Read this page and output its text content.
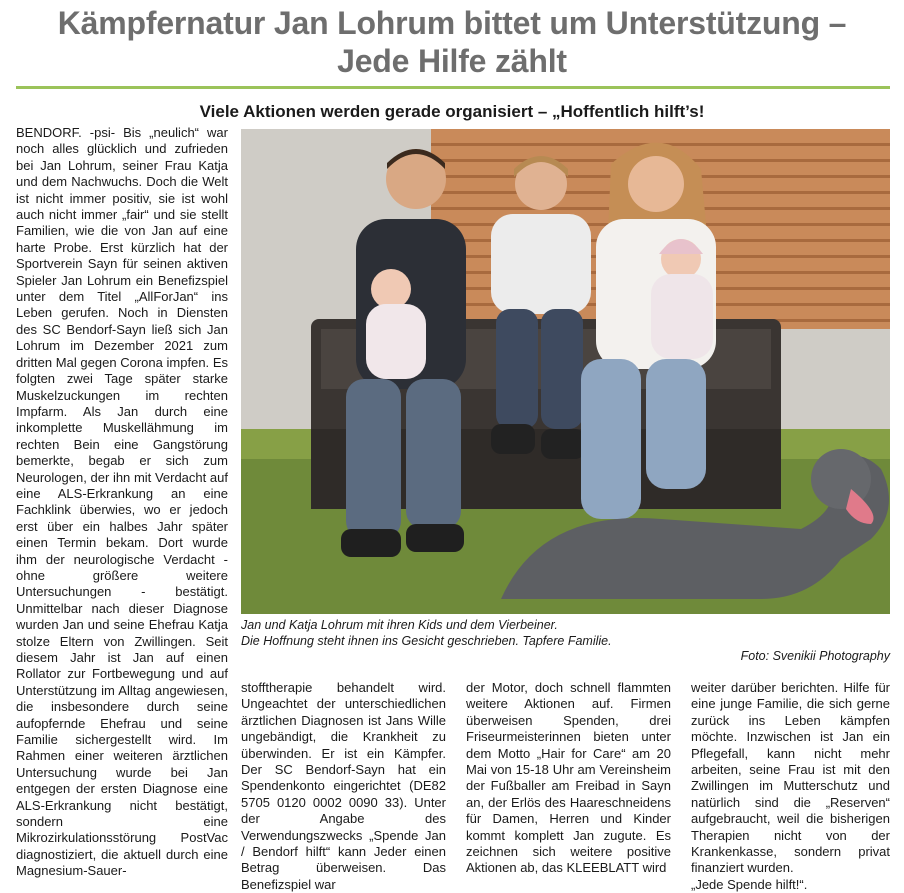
Kämpfernatur Jan Lohrum bittet um Unterstützung –
Jede Hilfe zählt
Viele Aktionen werden gerade organisiert – „Hoffentlich hilft’s!

BENDORF. -psi- Bis „neulich“ war noch alles glücklich und zufrieden bei Jan Lohrum, seiner Frau Katja und dem Nachwuchs. Doch die Welt ist nicht immer positiv, sie ist wohl auch nicht immer „fair“ und sie stellt Familien, wie die von Jan auf eine harte Probe. Erst kürzlich hat der Sportverein Sayn für seinen aktiven Spieler Jan Lohrum ein Benefizspiel unter dem Titel „AllForJan“ ins Leben gerufen. Noch in Diensten des SC Bendorf-Sayn ließ sich Jan Lohrum im Dezember 2021 zum dritten Mal gegen Corona impfen. Es folgten zwei Tage später starke Muskelzuckungen im rechten Impfarm. Als Jan durch eine inkomplette Muskellähmung im rechten Bein eine Gangstörung bemerkte, begab er sich zum Neurologen, der ihn mit Verdacht auf eine ALS-Erkrankung an eine Fachklink überwies, wo er jedoch erst über ein halbes Jahr später einen Termin bekam. Dort wurde ihm der neurologische Verdacht - ohne größere weitere Untersuchungen - bestätigt. Unmittelbar nach dieser Diagnose wurden Jan und seine Ehefrau Katja stolze Eltern von Zwillingen. Seit diesem Jahr ist Jan auf einen Rollator zur Fortbewegung und auf Unterstützung im Alltag angewiesen, die insbesondere durch seine aufopfernde Ehefrau und seine Familie sichergestellt wird. Im Rahmen einer weiteren ärztlichen Untersuchung wurde bei Jan entgegen der ersten Diagnose eine ALS-Erkrankung nicht bestätigt, sondern eine Mikrozirkulationsstörung PostVac diagnostiziert, die aktuell durch eine Magnesium-Sauer-

Jan und Katja Lohrum mit ihren Kids und dem Vierbeiner.
Die Hoffnung steht ihnen ins Gesicht geschrieben. Tapfere Familie.
Foto: Svenikii Photography

stofftherapie behandelt wird. Ungeachtet der unterschiedlichen ärztlichen Diagnosen ist Jans Wille ungebändigt, die Krankheit zu überwinden. Er ist ein Kämpfer. Der SC Bendorf-Sayn hat ein Spendenkonto eingerichtet (DE82 5705 0120 0002 0090 33). Unter der Angabe des Verwendungszwecks „Spende Jan / Bendorf hilft“ kann Jeder einen Betrag überweisen. Das Benefizspiel war

der Motor, doch schnell flammten weitere Aktionen auf. Firmen überweisen Spenden, drei Friseurmeisterinnen bieten unter dem Motto „Hair for Care“ am 20 Mai von 15-18 Uhr am Vereinsheim der Fußballer am Freibad in Sayn an, der Erlös des Haareschneidens für Damen, Herren und Kinder kommt komplett Jan zugute. Es zeichnen sich weitere positive Aktionen ab, das KLEEBLATT wird

weiter darüber berichten. Hilfe für eine junge Familie, die sich gerne zurück ins Leben kämpfen möchte. Inzwischen ist Jan ein Pflegefall, kann nicht mehr arbeiten, seine Frau ist mit den Zwillingen im Mutterschutz und natürlich sind die „Reserven“ aufgebraucht, weil die bisherigen Therapien nicht von der Krankenkasse, sondern privat finanziert wurden.

„Jede Spende hilft!“.
